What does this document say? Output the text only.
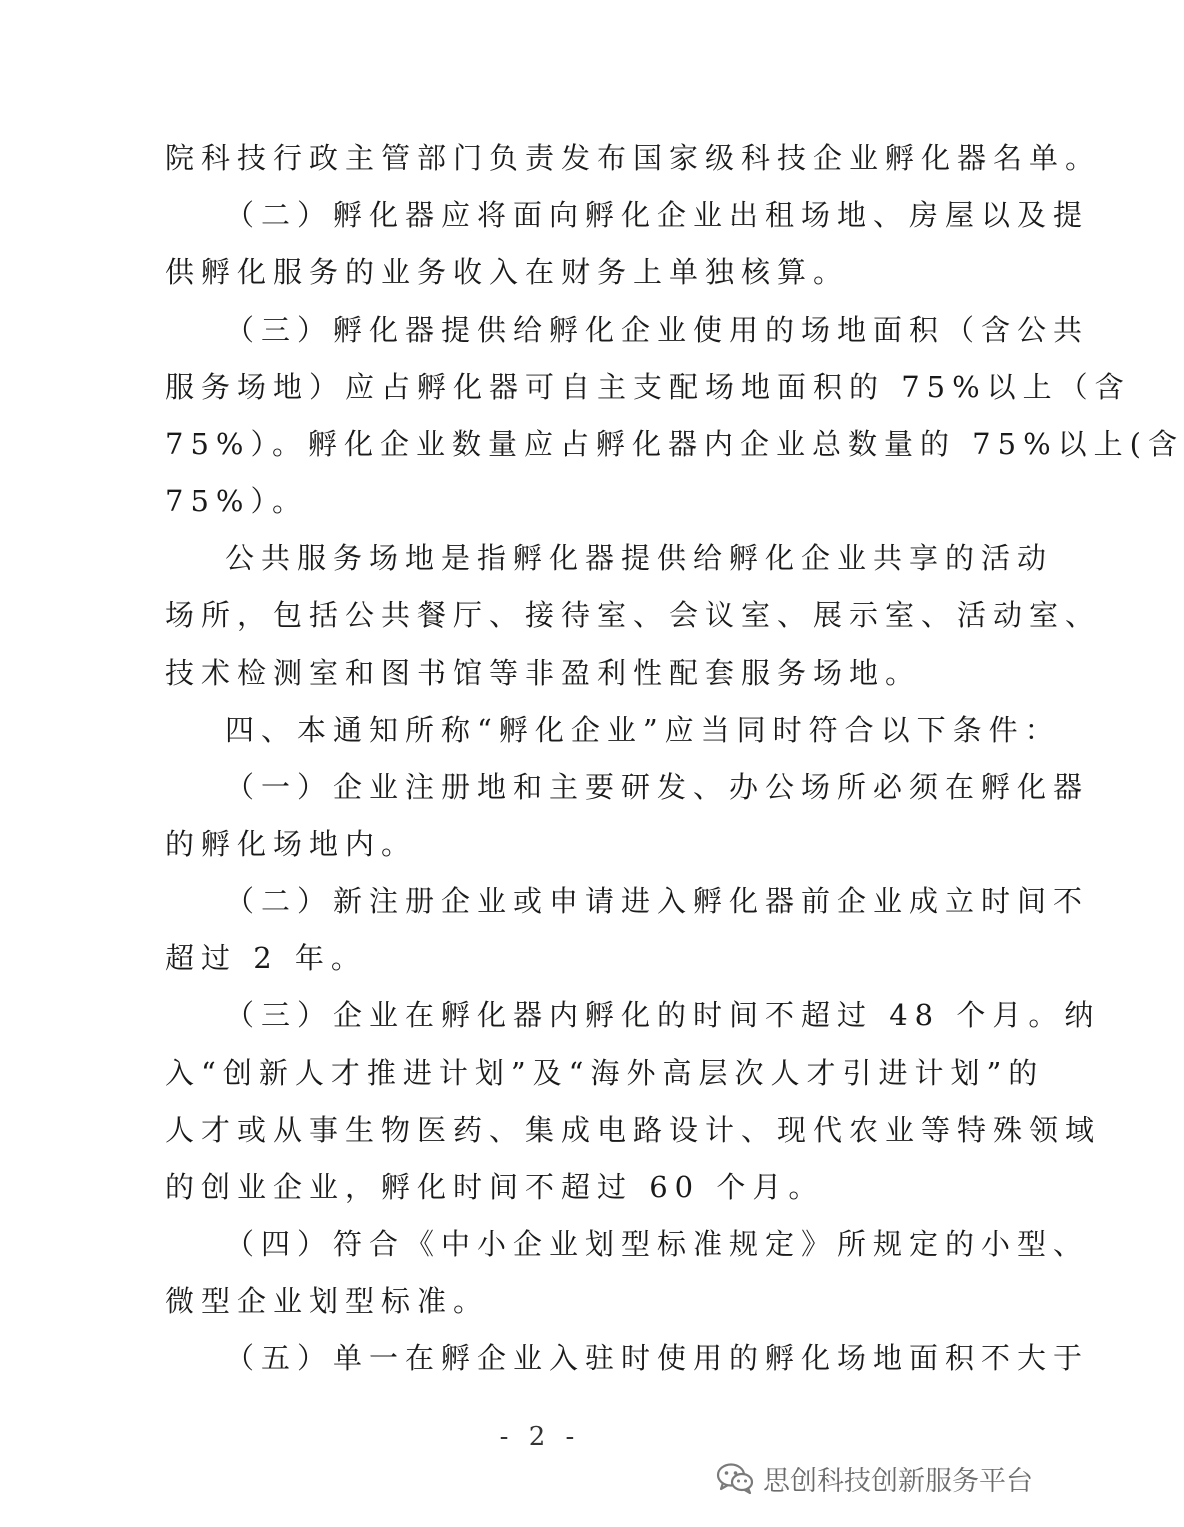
院科技行政主管部门负责发布国家级科技企业孵化器名单。
（二）孵化器应将面向孵化企业出租场地、房屋以及提
供孵化服务的业务收入在财务上单独核算。
（三）孵化器提供给孵化企业使用的场地面积（含公共
服务场地）应占孵化器可自主支配场地面积的 75%以上（含
75%）。孵化企业数量应占孵化器内企业总数量的 75%以上(含
75%）。
公共服务场地是指孵化器提供给孵化企业共享的活动
场所，包括公共餐厅、接待室、会议室、展示室、活动室、
技术检测室和图书馆等非盈利性配套服务场地。
四、本通知所称“孵化企业”应当同时符合以下条件：
（一）企业注册地和主要研发、办公场所必须在孵化器
的孵化场地内。
（二）新注册企业或申请进入孵化器前企业成立时间不
超过 2 年。
（三）企业在孵化器内孵化的时间不超过 48 个月。纳
入“创新人才推进计划”及“海外高层次人才引进计划”的
人才或从事生物医药、集成电路设计、现代农业等特殊领域
的创业企业，孵化时间不超过 60 个月。
（四）符合《中小企业划型标准规定》所规定的小型、
微型企业划型标准。
（五）单一在孵企业入驻时使用的孵化场地面积不大于
- 2 -
思创科技创新服务平台
